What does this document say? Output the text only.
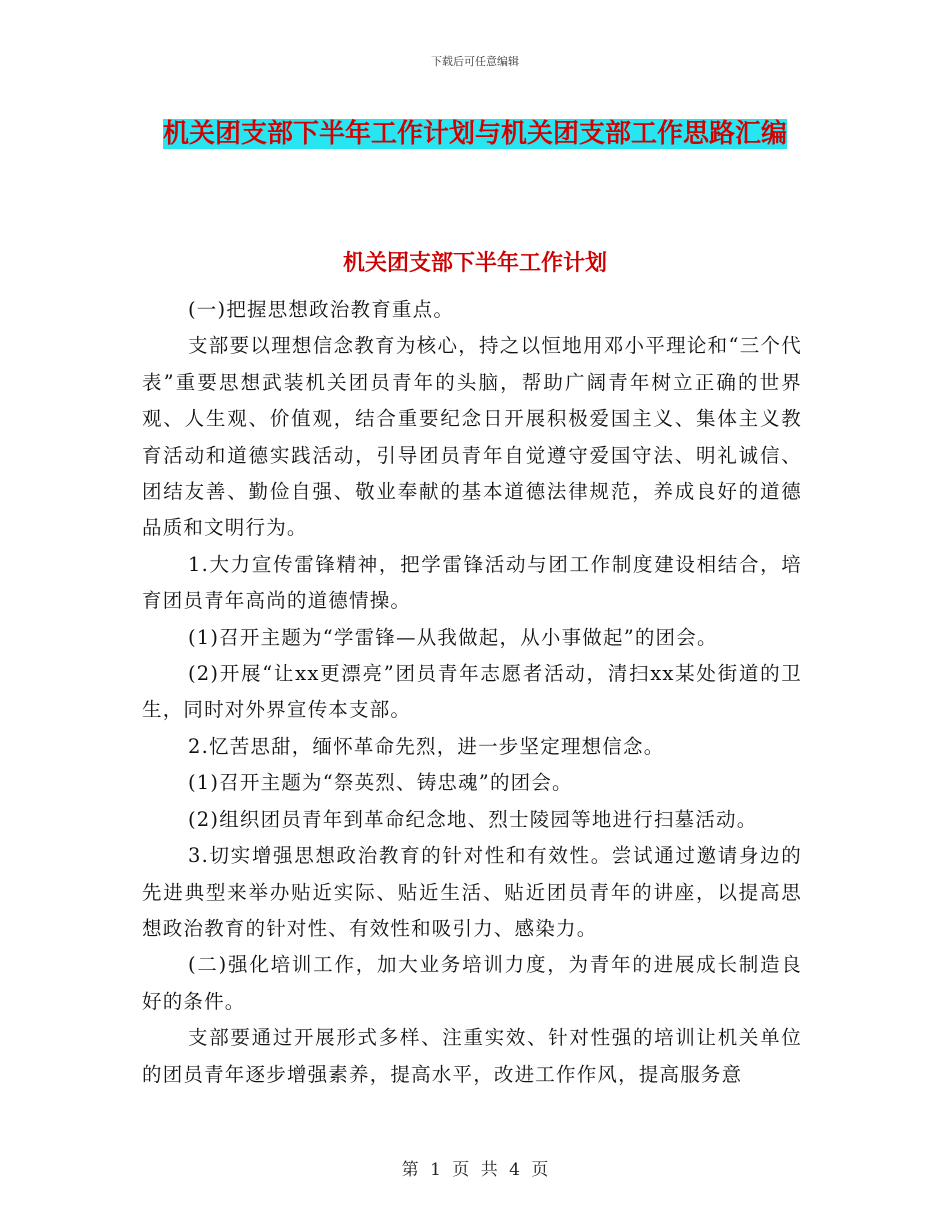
下载后可任意编辑
机关团支部下半年工作计划与机关团支部工作思路汇编
机关团支部下半年工作计划

(一)把握思想政治教育重点。

支部要以理想信念教育为核心，持之以恒地用邓小平理论和“三个代表”重要思想武装机关团员青年的头脑，帮助广阔青年树立正确的世界观、人生观、价值观，结合重要纪念日开展积极爱国主义、集体主义教育活动和道德实践活动，引导团员青年自觉遵守爱国守法、明礼诚信、团结友善、勤俭自强、敬业奉献的基本道德法律规范，养成良好的道德品质和文明行为。

1.大力宣传雷锋精神，把学雷锋活动与团工作制度建设相结合，培育团员青年高尚的道德情操。

(1)召开主题为“学雷锋—从我做起，从小事做起”的团会。

(2)开展“让xx更漂亮”团员青年志愿者活动，清扫xx某处街道的卫生，同时对外界宣传本支部。

2.忆苦思甜，缅怀革命先烈，进一步坚定理想信念。

(1)召开主题为“祭英烈、铸忠魂”的团会。

(2)组织团员青年到革命纪念地、烈士陵园等地进行扫墓活动。

3.切实增强思想政治教育的针对性和有效性。尝试通过邀请身边的先进典型来举办贴近实际、贴近生活、贴近团员青年的讲座，以提高思想政治教育的针对性、有效性和吸引力、感染力。

(二)强化培训工作，加大业务培训力度，为青年的进展成长制造良好的条件。

支部要通过开展形式多样、注重实效、针对性强的培训让机关单位的团员青年逐步增强素养，提高水平，改进工作作风，提高服务意

第 1 页 共 4 页
